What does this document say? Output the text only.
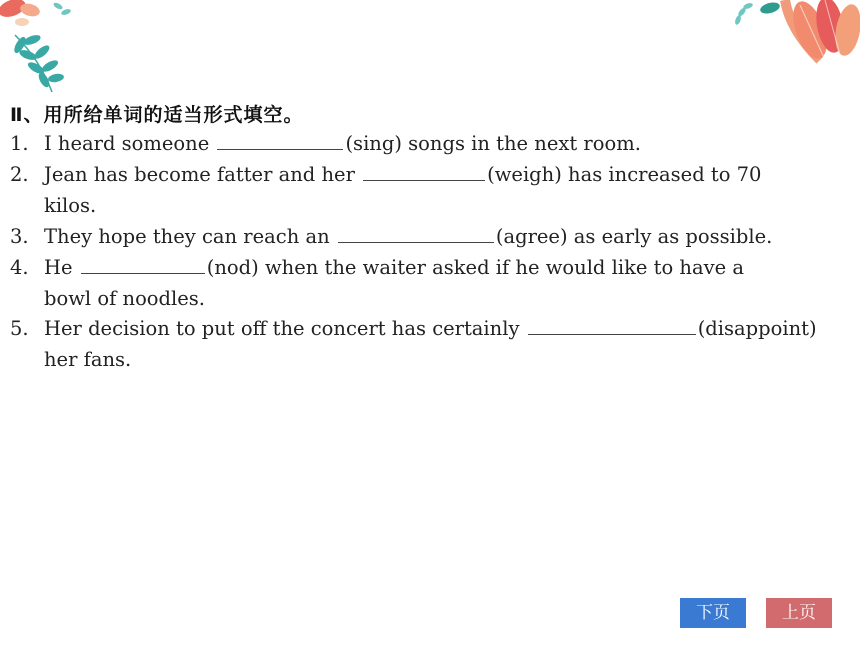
Ⅱ、用所给单词的适当形式填空。
1. I heard someone	(sing) songs in the next room.
2. Jean has become fatter and her	(weigh) has increased to 70
kilos.
3. They hope they can reach an	(agree) as early as possible.
4. He	(nod) when the waiter asked if he would like to have a
bowl of noodles.
5. Her decision to put off the concert has certainly	(disappoint)
her fans.
下页	上页
